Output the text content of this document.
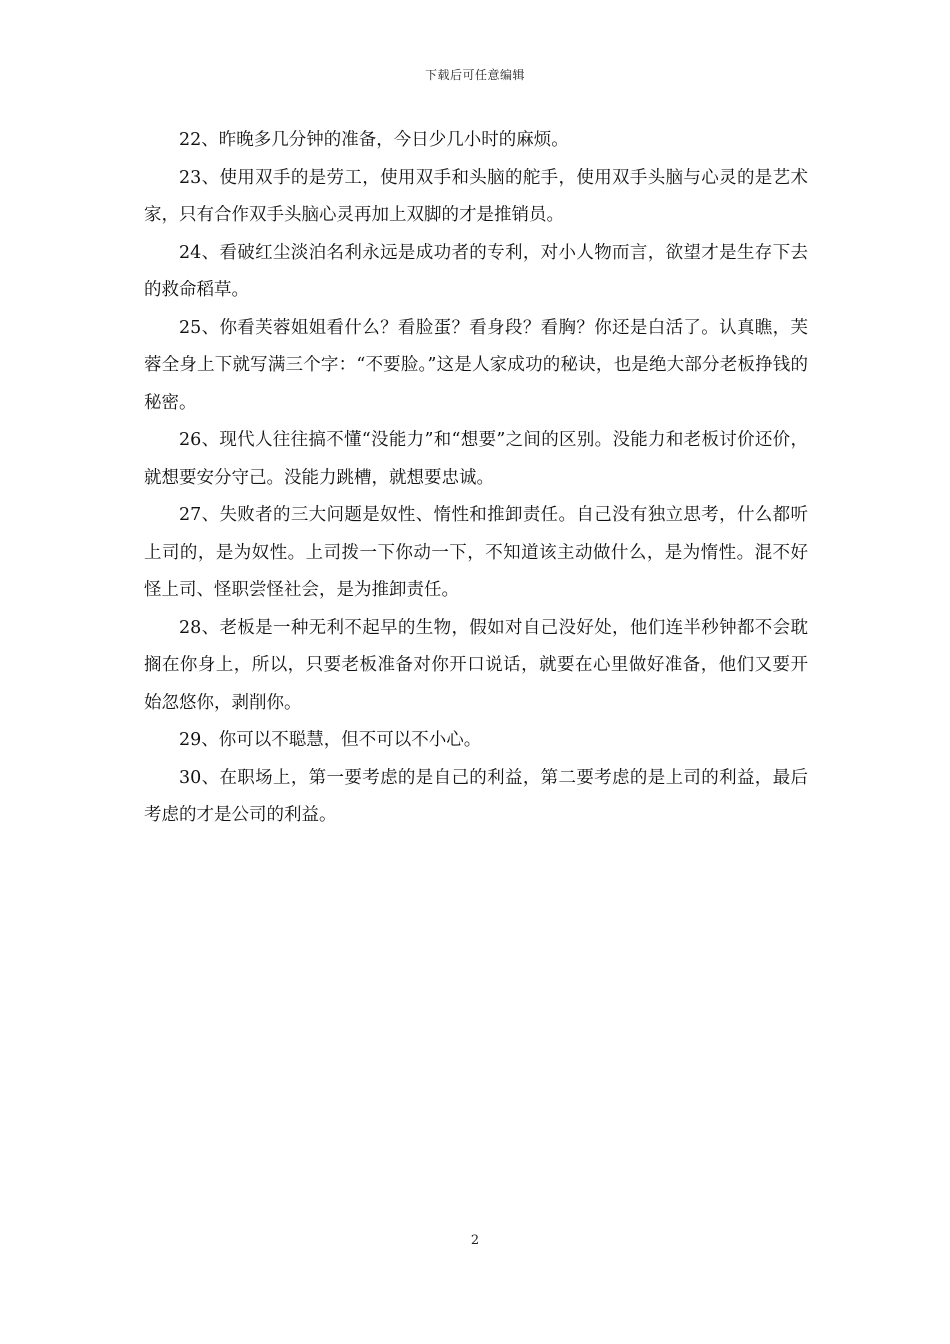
下载后可任意编辑

22、昨晚多几分钟的准备，今日少几小时的麻烦。

23、使用双手的是劳工，使用双手和头脑的舵手，使用双手头脑与心灵的是艺术家，只有合作双手头脑心灵再加上双脚的才是推销员。

24、看破红尘淡泊名利永远是成功者的专利，对小人物而言，欲望才是生存下去的救命稻草。

25、你看芙蓉姐姐看什么？看脸蛋？看身段？看胸？你还是白活了。认真瞧，芙蓉全身上下就写满三个字：“不要脸。”这是人家成功的秘诀，也是绝大部分老板挣钱的秘密。

26、现代人往往搞不懂“没能力”和“想要”之间的区别。没能力和老板讨价还价，就想要安分守己。没能力跳槽，就想要忠诚。

27、失败者的三大问题是奴性、惰性和推卸责任。自己没有独立思考，什么都听上司的，是为奴性。上司拨一下你动一下，不知道该主动做什么，是为惰性。混不好怪上司、怪职尝怪社会，是为推卸责任。

28、老板是一种无利不起早的生物，假如对自己没好处，他们连半秒钟都不会耽搁在你身上，所以，只要老板准备对你开口说话，就要在心里做好准备，他们又要开始忽悠你，剥削你。

29、你可以不聪慧，但不可以不小心。

30、在职场上，第一要考虑的是自己的利益，第二要考虑的是上司的利益，最后考虑的才是公司的利益。

2
